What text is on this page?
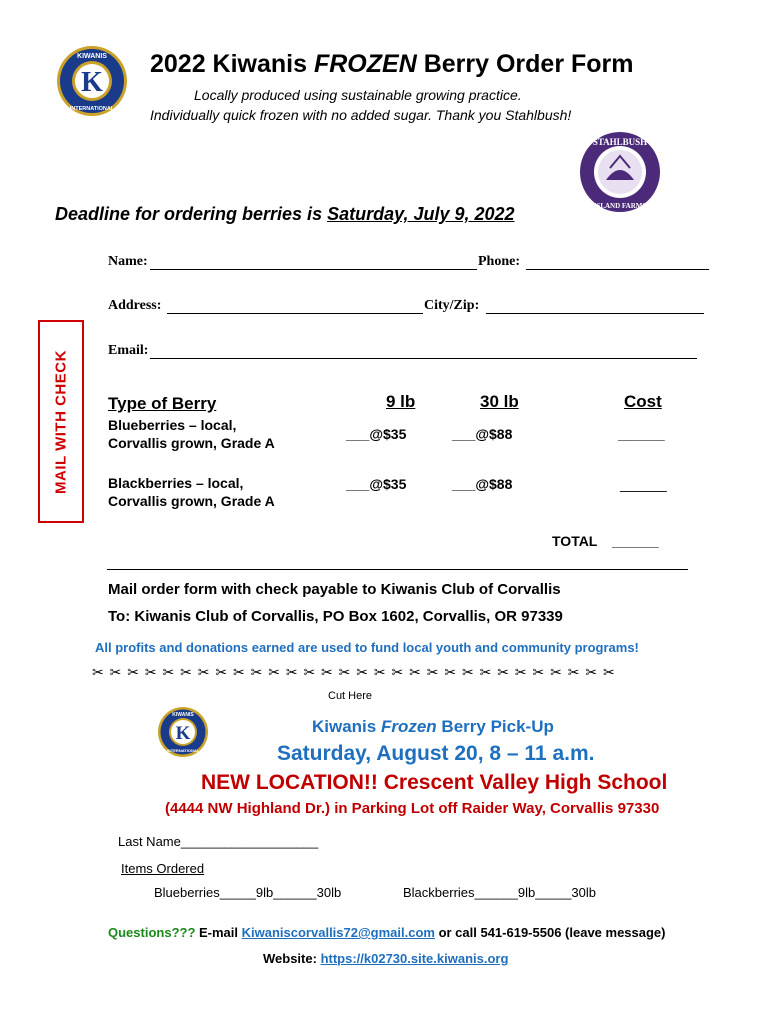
K
KIWANIS
INTERNATIONAL
2022 Kiwanis FROZEN Berry Order Form
Locally produced using sustainable growing practice.
Individually quick frozen with no added sugar. Thank you Stahlbush!
STAHLBUSH
ISLAND FARMS
Deadline for ordering berries is Saturday, July 9, 2022
Name:	Phone:
Address:	City/Zip:
Email:
MAIL WITH CHECK Type of Berry	9 lb	30 lb	Cost
Blueberries – local,
Corvallis grown, Grade A
___@$35	___@$88	______
Blackberries – local,
Corvallis grown, Grade A
___@$35	___@$88	______
TOTAL ______
Mail order form with check payable to Kiwanis Club of Corvallis
To: Kiwanis Club of Corvallis, PO Box 1602, Corvallis, OR 97339
All profits and donations earned are used to fund local youth and community programs!
✂ ✂ ✂ ✂ ✂ ✂ ✂ ✂ ✂ ✂ ✂ ✂ ✂ ✂ ✂ ✂ ✂ ✂ ✂ ✂ ✂ ✂ ✂ ✂ ✂ ✂ ✂ ✂ ✂ ✂
Cut Here
K
KIWANIS
INTERNATIONAL
Kiwanis Frozen Berry Pick-Up
Saturday, August 20, 8 – 11 a.m.
NEW LOCATION!! Crescent Valley High School
(4444 NW Highland Dr.) in Parking Lot off Raider Way, Corvallis 97330
Last Name___________________
Items Ordered
Blueberries_____9lb______30lb	Blackberries______9lb_____30lb
Questions??? E-mail Kiwaniscorvallis72@gmail.com or call 541-619-5506 (leave message)
Website: https://k02730.site.kiwanis.org
